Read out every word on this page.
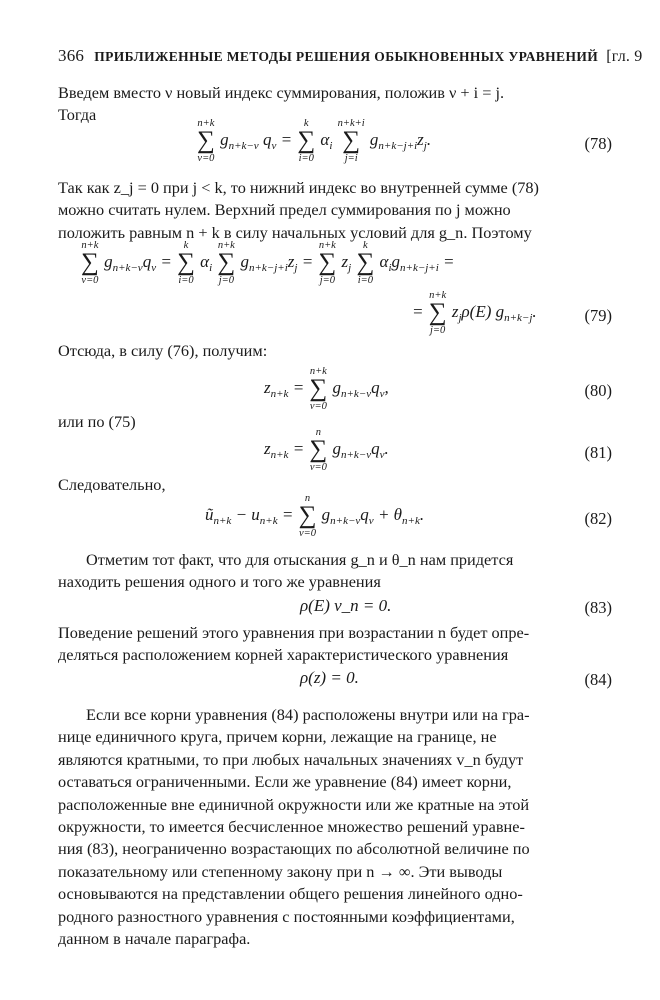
366 ПРИБЛИЖЕННЫЕ МЕТОДЫ РЕШЕНИЯ ОБЫКНОВЕННЫХ УРАВНЕНИЙ [гл. 9
Введем вместо ν новый индекс суммирования, положив ν + i = j.
Тогда	n+k
∑
ν=0
$g_{n+k-\nu}$ $q_\nu$ =
k
∑
i=0
$\alpha_i$
n+k+i
∑
j=i
$g_{n+k-j+i}z_j$.	(78)
Так как z_j = 0 при j < k, то нижний индекс во внутренней сумме (78)
можно считать нулем. Верхний предел суммирования по j можно
положить равным n + k в силу начальных условий для g_n. Поэтому
n+k
∑
ν=0
$g_{n+k-\nu}q_\nu$ =
k
∑
i=0
$\alpha_i$
n+k
∑
j=0
$g_{n+k-j+i}z_j$ =
n+k
∑
j=0
$z_j$
k
∑
i=0
$\alpha_ig_{n+k-j+i}$ =
=
n+k
∑
j=0
$z_j\rho(E)$ $g_{n+k-j}$.	(79)
Отсюда, в силу (76), получим:
$z_{n+k}$ =
n+k
∑
ν=0
$g_{n+k-\nu}q_\nu$,	(80)
или по (75)
$z_{n+k}$ =
n
∑
ν=0
$g_{n+k-\nu}q_\nu$.	(81)
Следовательно,
$ũ_{n+k} - u_{n+k}$ =
n
∑
ν=0
$g_{n+k-\nu}q_\nu + \theta_{n+k}$.	(82)
Отметим тот факт, что для отыскания g_n и θ_n нам придется
находить решения одного и того же уравнения
ρ(E) v_n = 0.	(83)
Поведение решений этого уравнения при возрастании n будет опре-
деляться расположением корней характеристического уравнения
ρ(z) = 0.	(84)
Если все корни уравнения (84) расположены внутри или на гра-
нице единичного круга, причем корни, лежащие на границе, не
являются кратными, то при любых начальных значениях v_n будут
оставаться ограниченными. Если же уравнение (84) имеет корни,
расположенные вне единичной окружности или же кратные на этой
окружности, то имеется бесчисленное множество решений уравне-
ния (83), неограниченно возрастающих по абсолютной величине по
показательному или степенному закону при n → ∞. Эти выводы
основываются на представлении общего решения линейного одно-
родного разностного уравнения с постоянными коэффициентами,
данном в начале параграфа.
